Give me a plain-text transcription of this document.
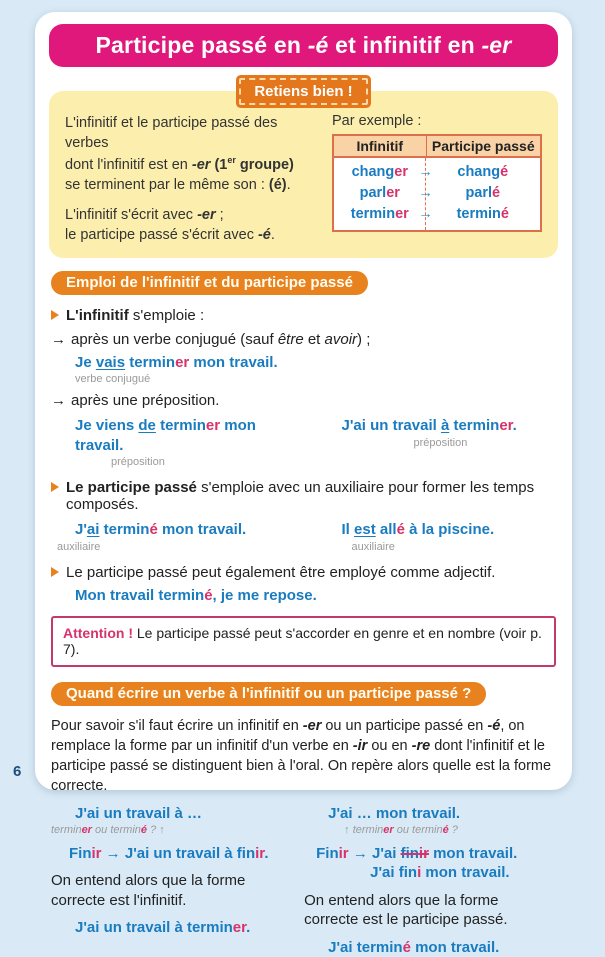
6
Participe passé en -é et infinitif en -er
Retiens bien !

L'infinitif et le participe passé des verbes
dont l'infinitif est en -er (1er groupe)
se terminent par le même son : (é).

L'infinitif s'écrit avec -er ;
le participe passé s'écrit avec -é.

Par exemple :
Infinitif	Participe passé
changer →	changé
parler	→	parlé
terminer →	terminé
Emploi de l'infinitif et du participe passé
L'infinitif s'emploie :
→ après un verbe conjugué (sauf être et avoir) ;
Je vais terminer mon travail.
verbe conjugué
→ après une préposition.
Je viens de terminer mon travail.
préposition
J'ai un travail à terminer.
préposition
Le participe passé s'emploie avec un auxiliaire pour former les temps composés.
J'ai terminé mon travail.
auxiliaire
Il est allé à la piscine.
auxiliaire
Le participe passé peut également être employé comme adjectif.
Mon travail terminé, je me repose.
Attention ! Le participe passé peut s'accorder en genre et en nombre (voir p. 7).
Quand écrire un verbe à l'infinitif ou un participe passé ?
Pour savoir s'il faut écrire un infinitif en -er ou un participe passé en -é, on remplace la forme par un infinitif d'un verbe en -ir ou en -re dont l'infinitif et le participe passé se distinguent bien à l'oral. On repère alors quelle est la forme correcte.
J'ai un travail à …
terminer ou terminé ? ↑
Finir → J'ai un travail à finir.
On entend alors que la forme correcte est l'infinitif.
J'ai un travail à terminer.
J'ai … mon travail.
↑ terminer ou terminé ?
Finir → J'ai finir mon travail.
J'ai fini mon travail.
On entend alors que la forme correcte est le participe passé.
J'ai terminé mon travail.
